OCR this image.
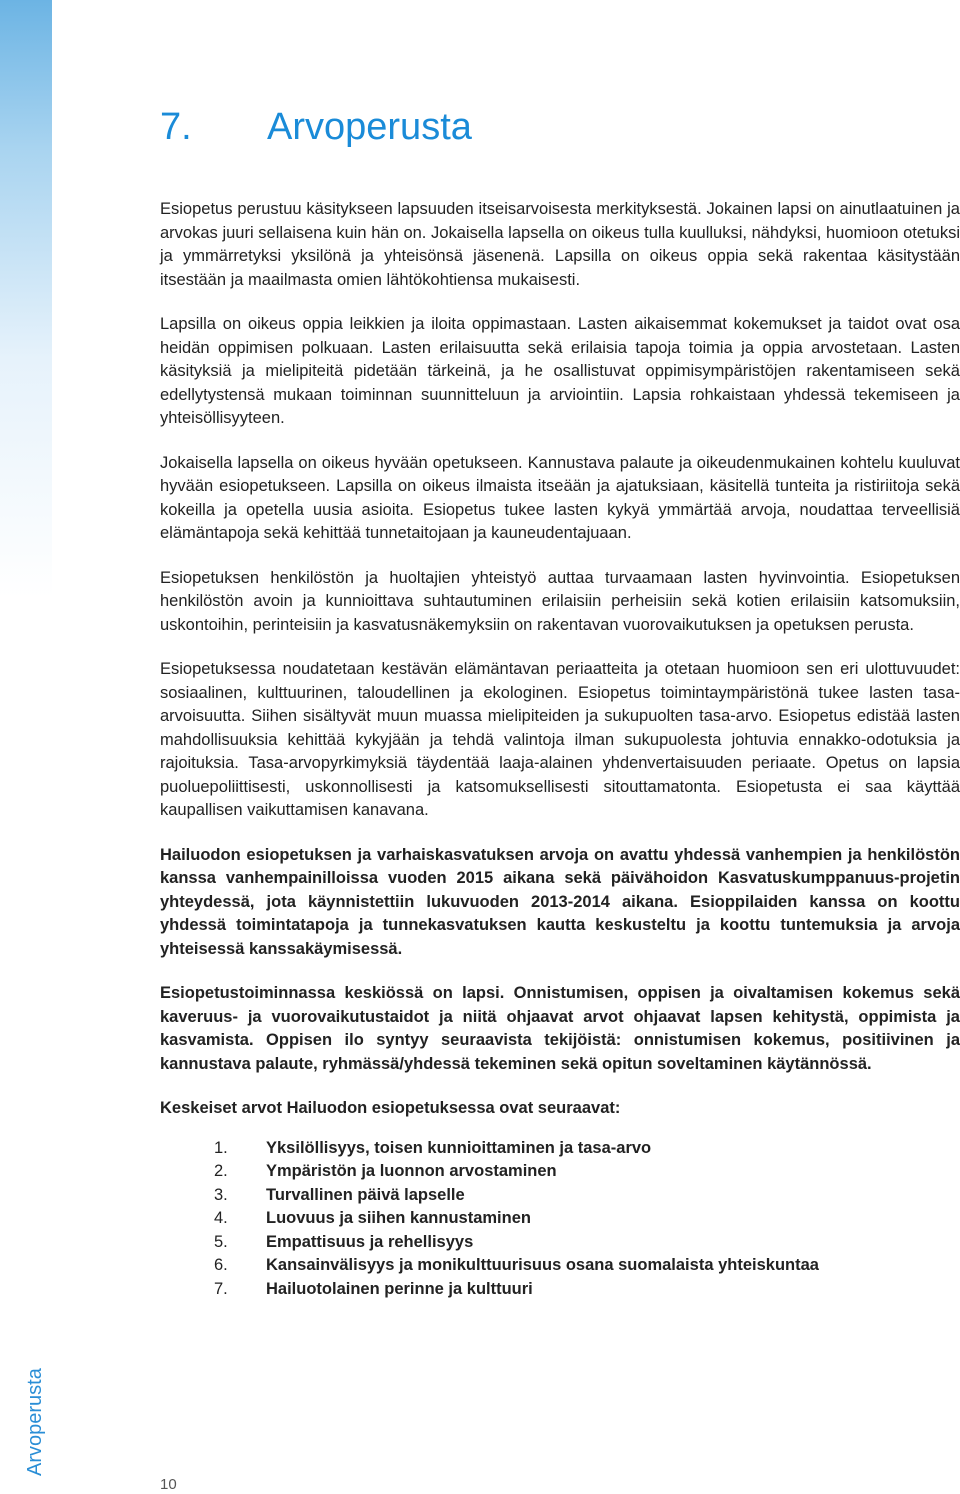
Arvoperusta
10
7.	Arvoperusta

Esiopetus perustuu käsitykseen lapsuuden itseisarvoisesta merkityksestä. Jokainen lapsi on ainutlaatuinen ja arvokas juuri sellaisena kuin hän on. Jokaisella lapsella on oikeus tulla kuulluksi, nähdyksi, huomioon otetuksi ja ymmärretyksi yksilönä ja yhteisönsä jäsenenä. Lapsilla on oikeus oppia sekä rakentaa käsitystään itsestään ja maailmasta omien lähtökohtiensa mukaisesti.

Lapsilla on oikeus oppia leikkien ja iloita oppimastaan. Lasten aikaisemmat kokemukset ja taidot ovat osa heidän oppimisen polkuaan. Lasten erilaisuutta sekä erilaisia tapoja toimia ja oppia arvostetaan. Lasten käsityksiä ja mielipiteitä pidetään tärkeinä, ja he osallistuvat oppimisympäristöjen rakentamiseen sekä edellytystensä mukaan toiminnan suunnitteluun ja arviointiin. Lapsia rohkaistaan yhdessä tekemiseen ja yhteisöllisyyteen.

Jokaisella lapsella on oikeus hyvään opetukseen. Kannustava palaute ja oikeudenmukainen kohtelu kuuluvat hyvään esiopetukseen. Lapsilla on oikeus ilmaista itseään ja ajatuksiaan, käsitellä tunteita ja ristiriitoja sekä kokeilla ja opetella uusia asioita. Esiopetus tukee lasten kykyä ymmärtää arvoja, noudattaa terveellisiä elämäntapoja sekä kehittää tunnetaitojaan ja kauneudentajuaan.

Esiopetuksen henkilöstön ja huoltajien yhteistyö auttaa turvaamaan lasten hyvinvointia. Esiopetuksen henkilöstön avoin ja kunnioittava suhtautuminen erilaisiin perheisiin sekä kotien erilaisiin katsomuksiin, uskontoihin, perinteisiin ja kasvatusnäkemyksiin on rakentavan vuorovaikutuksen ja opetuksen perusta.

Esiopetuksessa noudatetaan kestävän elämäntavan periaatteita ja otetaan huomioon sen eri ulottuvuudet: sosiaalinen, kulttuurinen, taloudellinen ja ekologinen. Esiopetus toimintaympäristönä tukee lasten tasa-arvoisuutta. Siihen sisältyvät muun muassa mielipiteiden ja sukupuolten tasa-arvo. Esiopetus edistää lasten mahdollisuuksia kehittää kykyjään ja tehdä valintoja ilman sukupuolesta johtuvia ennakko-odotuksia ja rajoituksia. Tasa-arvopyrkimyksiä täydentää laaja-alainen yhdenvertaisuuden periaate. Opetus on lapsia puoluepoliittisesti, uskonnollisesti ja katsomuksellisesti sitouttamatonta. Esiopetusta ei saa käyttää kaupallisen vaikuttamisen kanavana.

Hailuodon esiopetuksen ja varhaiskasvatuksen arvoja on avattu yhdessä vanhempien ja henkilöstön kanssa vanhempainilloissa vuoden 2015 aikana sekä päivähoidon Kasvatuskumppanuus-projetin yhteydessä, jota käynnistettiin lukuvuoden 2013-2014 aikana. Esioppilaiden kanssa on koottu yhdessä toimintatapoja ja tunnekasvatuksen kautta keskusteltu ja koottu tuntemuksia ja arvoja yhteisessä kanssakäymisessä.

Esiopetustoiminnassa keskiössä on lapsi. Onnistumisen, oppisen ja oivaltamisen kokemus sekä kaveruus- ja vuorovaikutustaidot ja niitä ohjaavat arvot ohjaavat lapsen kehitystä, oppimista ja kasvamista. Oppisen ilo syntyy seuraavista tekijöistä: onnistumisen kokemus, positiivinen ja kannustava palaute, ryhmässä/yhdessä tekeminen sekä opitun soveltaminen käytännössä.

Keskeiset arvot Hailuodon esiopetuksessa ovat seuraavat:

1.	Yksilöllisyys, toisen kunnioittaminen ja tasa-arvo
2.	Ympäristön ja luonnon arvostaminen
3.	Turvallinen päivä lapselle
4.	Luovuus ja siihen kannustaminen
5.	Empattisuus ja rehellisyys
6.	Kansainvälisyys ja monikulttuurisuus osana suomalaista yhteiskuntaa
7.	Hailuotolainen perinne ja kulttuuri
